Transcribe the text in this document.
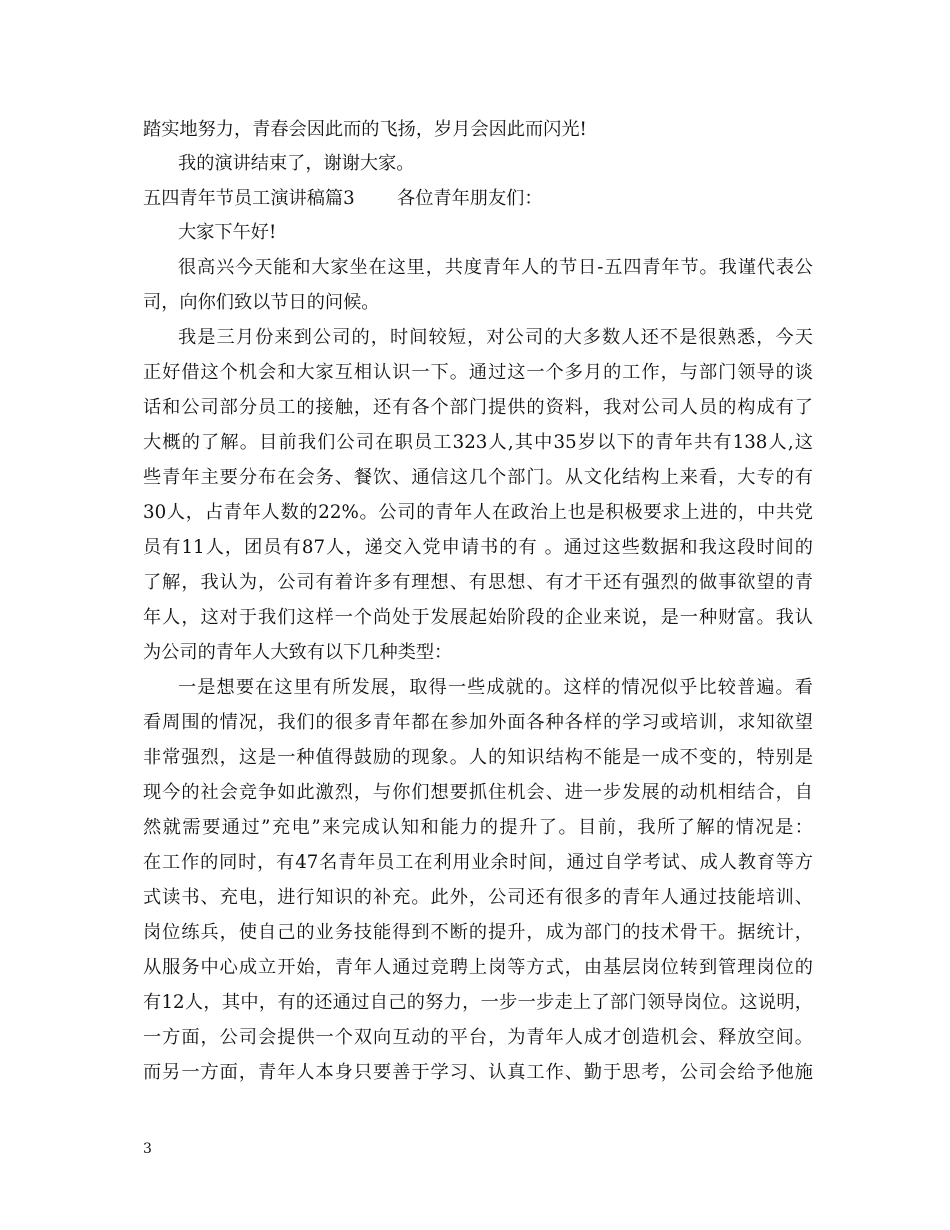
踏实地努力，青春会因此而的飞扬，岁月会因此而闪光!
我的演讲结束了，谢谢大家。
五四青年节员工演讲稿篇3	各位青年朋友们：
大家下午好!
很高兴今天能和大家坐在这里，共度青年人的节日-五四青年节。我谨代表公
司，向你们致以节日的问候。
我是三月份来到公司的，时间较短，对公司的大多数人还不是很熟悉，今天
正好借这个机会和大家互相认识一下。通过这一个多月的工作，与部门领导的谈
话和公司部分员工的接触，还有各个部门提供的资料，我对公司人员的构成有了
大概的了解。目前我们公司在职员工323人,其中35岁以下的青年共有138人,这
些青年主要分布在会务、餐饮、通信这几个部门。从文化结构上来看，大专的有
30人，占青年人数的22%。公司的青年人在政治上也是积极要求上进的，中共党
员有11人，团员有87人，递交入党申请书的有 。通过这些数据和我这段时间的
了解，我认为，公司有着许多有理想、有思想、有才干还有强烈的做事欲望的青
年人，这对于我们这样一个尚处于发展起始阶段的企业来说，是一种财富。我认
为公司的青年人大致有以下几种类型：
一是想要在这里有所发展，取得一些成就的。这样的情况似乎比较普遍。看
看周围的情况，我们的很多青年都在参加外面各种各样的学习或培训，求知欲望
非常强烈，这是一种值得鼓励的现象。人的知识结构不能是一成不变的，特别是
现今的社会竞争如此激烈，与你们想要抓住机会、进一步发展的动机相结合，自
然就需要通过”充电”来完成认知和能力的提升了。目前，我所了解的情况是：
在工作的同时，有47名青年员工在利用业余时间，通过自学考试、成人教育等方
式读书、充电，进行知识的补充。此外，公司还有很多的青年人通过技能培训、
岗位练兵，使自己的业务技能得到不断的提升，成为部门的技术骨干。据统计，
从服务中心成立开始，青年人通过竞聘上岗等方式，由基层岗位转到管理岗位的
有12人，其中，有的还通过自己的努力，一步一步走上了部门领导岗位。这说明，
一方面，公司会提供一个双向互动的平台，为青年人成才创造机会、释放空间。
而另一方面，青年人本身只要善于学习、认真工作、勤于思考，公司会给予他施
3
